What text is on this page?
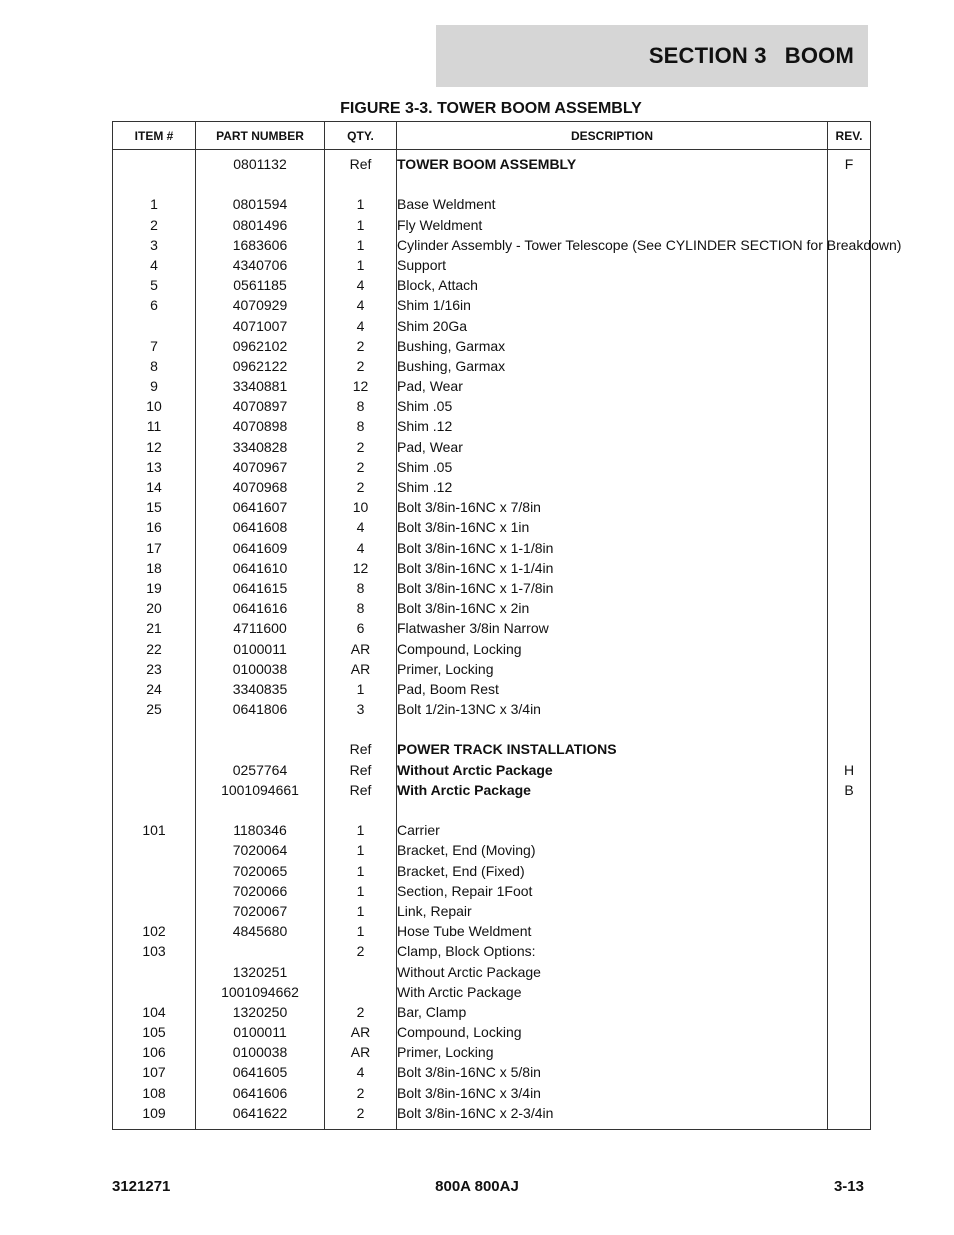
SECTION 3 BOOM
FIGURE 3-3. TOWER BOOM ASSEMBLY
ITEM #	PART NUMBER	QTY.	DESCRIPTION	REV.
	0801132	Ref	TOWER BOOM ASSEMBLY	F

1	0801594	1	Base Weldment	
2	0801496	1	Fly Weldment	
3	1683606	1	Cylinder Assembly - Tower Telescope (See CYLINDER SECTION for Breakdown)	
4	4340706	1	Support	
5	0561185	4	Block, Attach	
6	4070929	4	Shim 1/16in	
	4071007	4	Shim 20Ga	
7	0962102	2	Bushing, Garmax	
8	0962122	2	Bushing, Garmax	
9	3340881	12	Pad, Wear	
10	4070897	8	Shim .05	
11	4070898	8	Shim .12	
12	3340828	2	Pad, Wear	
13	4070967	2	Shim .05	
14	4070968	2	Shim .12	
15	0641607	10	Bolt 3/8in-16NC x 7/8in	
16	0641608	4	Bolt 3/8in-16NC x 1in	
17	0641609	4	Bolt 3/8in-16NC x 1-1/8in	
18	0641610	12	Bolt 3/8in-16NC x 1-1/4in	
19	0641615	8	Bolt 3/8in-16NC x 1-7/8in	
20	0641616	8	Bolt 3/8in-16NC x 2in	
21	4711600	6	Flatwasher 3/8in Narrow	
22	0100011	AR	Compound, Locking	
23	0100038	AR	Primer, Locking	
24	3340835	1	Pad, Boom Rest	
25	0641806	3	Bolt 1/2in-13NC x 3/4in	

		Ref	POWER TRACK INSTALLATIONS	
	0257764	Ref	Without Arctic Package	H
	1001094661	Ref	With Arctic Package	B

101	1180346	1	Carrier	
	7020064	1	Bracket, End (Moving)	
	7020065	1	Bracket, End (Fixed)	
	7020066	1	Section, Repair 1Foot	
	7020067	1	Link, Repair	
102	4845680	1	Hose Tube Weldment	
103		2	Clamp, Block Options:	
	1320251		Without Arctic Package	
	1001094662		With Arctic Package	
104	1320250	2	Bar, Clamp	
105	0100011	AR	Compound, Locking	
106	0100038	AR	Primer, Locking	
107	0641605	4	Bolt 3/8in-16NC x 5/8in	
108	0641606	2	Bolt 3/8in-16NC x 3/4in	
109	0641622	2	Bolt 3/8in-16NC x 2-3/4in	
3121271	800A 800AJ	3-13
